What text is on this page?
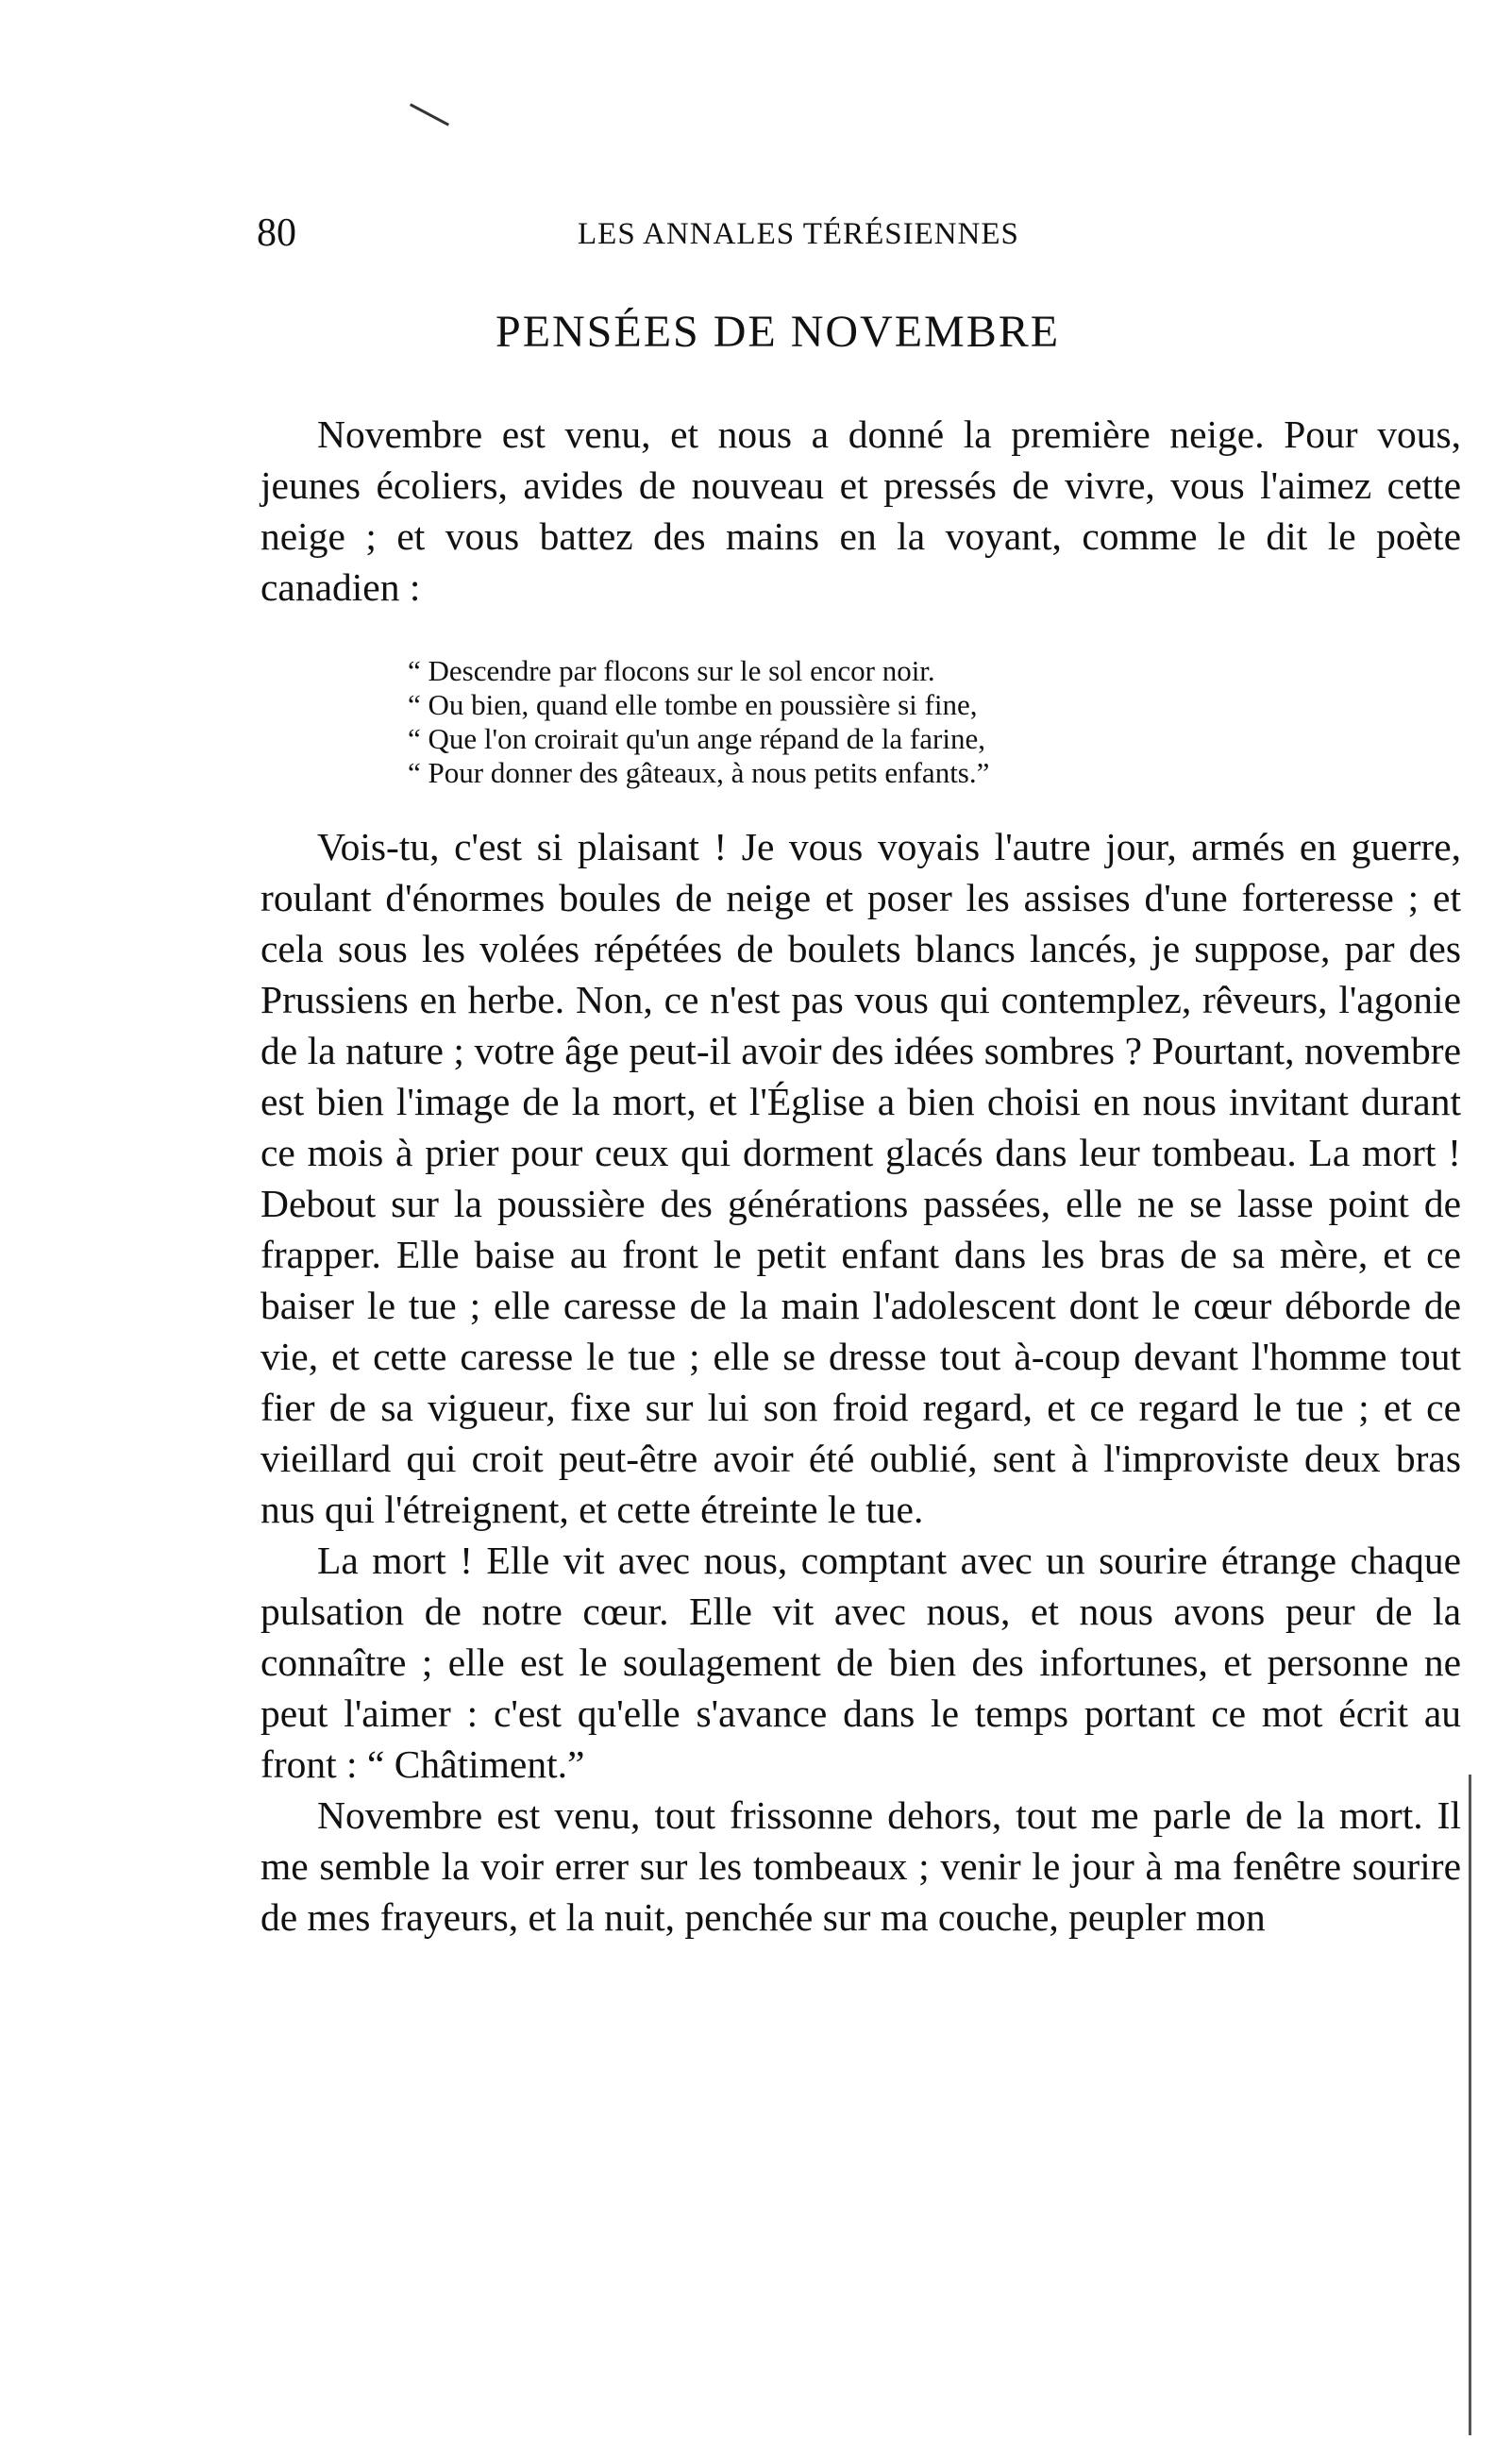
80	LES ANNALES TÉRÉSIENNES
PENSÉES DE NOVEMBRE

Novembre est venu, et nous a donné la première neige. Pour vous, jeunes écoliers, avides de nouveau et pressés de vivre, vous l'aimez cette neige ; et vous battez des mains en la voyant, comme le dit le poète canadien :

“ Descendre par flocons sur le sol encor noir.
“ Ou bien, quand elle tombe en poussière si fine,
“ Que l'on croirait qu'un ange répand de la farine,
“ Pour donner des gâteaux, à nous petits enfants.”

Vois-tu, c'est si plaisant ! Je vous voyais l'autre jour, armés en guerre, roulant d'énormes boules de neige et poser les assises d'une forteresse ; et cela sous les volées répétées de boulets blancs lancés, je suppose, par des Prussiens en herbe. Non, ce n'est pas vous qui contemplez, rêveurs, l'agonie de la nature ; votre âge peut-il avoir des idées sombres ? Pourtant, novembre est bien l'image de la mort, et l'Église a bien choisi en nous invitant durant ce mois à prier pour ceux qui dorment glacés dans leur tombeau. La mort ! Debout sur la poussière des générations passées, elle ne se lasse point de frapper. Elle baise au front le petit enfant dans les bras de sa mère, et ce baiser le tue ; elle caresse de la main l'adolescent dont le cœur déborde de vie, et cette caresse le tue ; elle se dresse tout à-coup devant l'homme tout fier de sa vigueur, fixe sur lui son froid regard, et ce regard le tue ; et ce vieillard qui croit peut-être avoir été oublié, sent à l'improviste deux bras nus qui l'étreignent, et cette étreinte le tue.

La mort ! Elle vit avec nous, comptant avec un sourire étrange chaque pulsation de notre cœur. Elle vit avec nous, et nous avons peur de la connaître ; elle est le soulagement de bien des infortunes, et personne ne peut l'aimer : c'est qu'elle s'avance dans le temps portant ce mot écrit au front : “ Châtiment.”

Novembre est venu, tout frissonne dehors, tout me parle de la mort. Il me semble la voir errer sur les tombeaux ; venir le jour à ma fenêtre sourire de mes frayeurs, et la nuit, penchée sur ma couche, peupler mon
